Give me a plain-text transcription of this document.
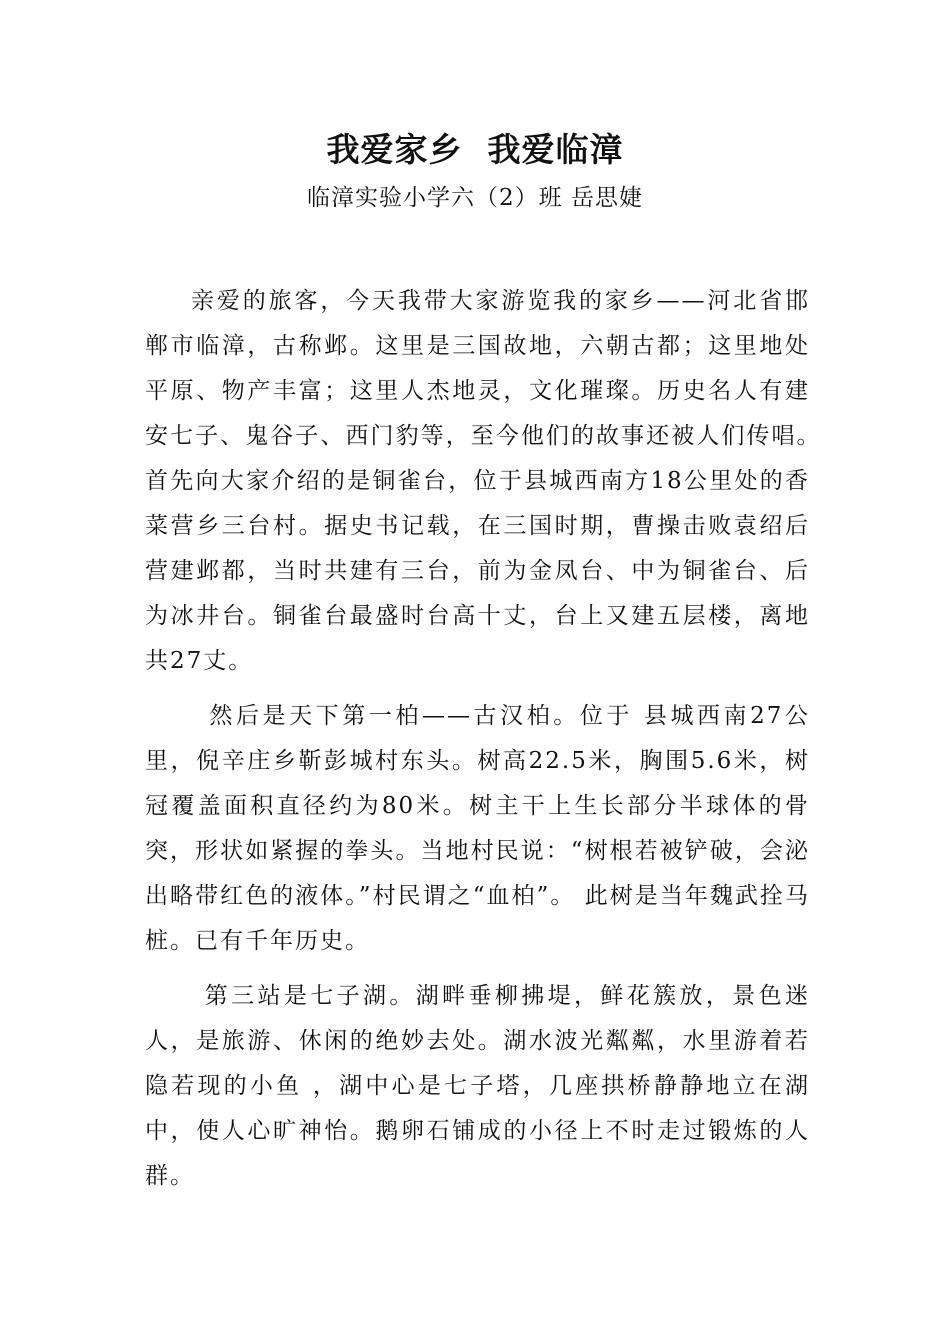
我爱家乡  我爱临漳
临漳实验小学六（2）班 岳思婕

亲爱的旅客，今天我带大家游览我的家乡——河北省邯郸市临漳，古称邺。这里是三国故地，六朝古都；这里地处平原、物产丰富；这里人杰地灵，文化璀璨。历史名人有建安七子、鬼谷子、西门豹等，至今他们的故事还被人们传唱。　 首先向大家介绍的是铜雀台，位于县城西南方18公里处的香菜营乡三台村。据史书记载，在三国时期，曹操击败袁绍后营建邺都，当时共建有三台，前为金凤台、中为铜雀台、后为冰井台。铜雀台最盛时台高十丈，台上又建五层楼，离地共27丈。

然后是天下第一柏——古汉柏。位于 县城西南27公里，倪辛庄乡靳彭城村东头。树高22.5米，胸围5.6米，树冠覆盖面积直径约为80米。树主干上生长部分半球体的骨突，形状如紧握的拳头。当地村民说：“树根若被铲破，会泌出略带红色的液体。”村民谓之“血柏”。 此树是当年魏武拴马桩。已有千年历史。

第三站是七子湖。湖畔垂柳拂堤，鲜花簇放，景色迷人，是旅游、休闲的绝妙去处。湖水波光粼粼，水里游着若隐若现的小鱼 ，湖中心是七子塔，几座拱桥静静地立在湖中，使人心旷神怡。鹅卵石铺成的小径上不时走过锻炼的人群。
